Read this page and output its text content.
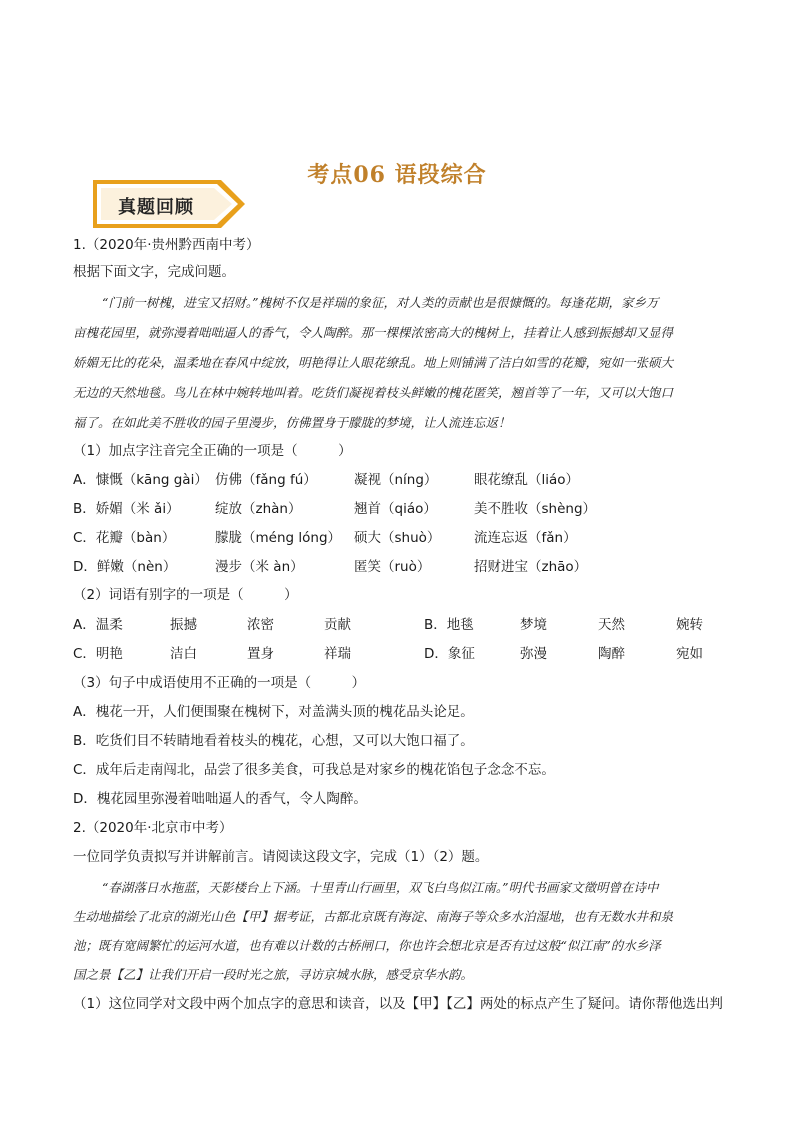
考点06 语段综合
真题回顾
1.（2020年·贵州黔西南中考）
根据下面文字，完成问题。
“门前一树槐，进宝又招财。”槐树不仅是祥瑞的象征，对人类的贡献也是很慷慨的。每逢花期，家乡万
亩槐花园里，就弥漫着咄咄逼人的香气，令人陶醉。那一棵棵浓密高大的槐树上，挂着让人感到振撼却又显得
娇媚无比的花朵，温柔地在春风中绽放，明艳得让人眼花缭乱。地上则铺满了洁白如雪的花瓣，宛如一张硕大
无边的天然地毯。鸟儿在林中婉转地叫着。吃货们凝视着枝头鲜嫩的槐花匿笑，翘首等了一年，又可以大饱口
福了。在如此美不胜收的园子里漫步，仿佛置身于朦胧的梦境，让人流连忘返！
（1）加点字注音完全正确的一项是（　　　）
A．慷慨（kāng gài） 仿佛（fǎng fú）	凝视（níng）	眼花缭乱（liáo）
B．娇媚（米 ǎi）	绽放（zhàn）	翘首（qiáo）	美不胜收（shèng）
C．花瓣（bàn）	朦胧（méng lóng） 硕大（shuò） 流连忘返（fǎn）
D．鲜嫩（nèn）	漫步（米 àn）	匿笑（ruò）	招财进宝（zhāo）
（2）词语有别字的一项是（　　　）
A．温柔	振撼	浓密	贡献	B．地毯	梦境	天然	婉转
C．明艳	洁白	置身	祥瑞	D．象征	弥漫	陶醉	宛如
（3）句子中成语使用不正确的一项是（　　　）
A．槐花一开，人们便围聚在槐树下，对盖满头顶的槐花品头论足。
B．吃货们目不转睛地看着枝头的槐花，心想，又可以大饱口福了。
C．成年后走南闯北，品尝了很多美食，可我总是对家乡的槐花馅包子念念不忘。
D．槐花园里弥漫着咄咄逼人的香气，令人陶醉。
2.（2020年·北京市中考）
一位同学负责拟写并讲解前言。请阅读这段文字，完成（1）（2）题。
“春湖落日水拖蓝，天影楼台上下涵。十里青山行画里，双飞白鸟似江南。”明代书画家文徵明曾在诗中
生动地描绘了北京的湖光山色【甲】据考证，古都北京既有海淀、南海子等众多水泊湿地，也有无数水井和泉
池；既有宽阔繁忙的运河水道，也有难以计数的古桥闸口，你也许会想北京是否有过这般“似江南”的水乡泽
国之景【乙】让我们开启一段时光之旅，寻访京城水脉，感受京华水韵。
（1）这位同学对文段中两个加点字的意思和读音，以及【甲】【乙】两处的标点产生了疑问。请你帮他选出判
